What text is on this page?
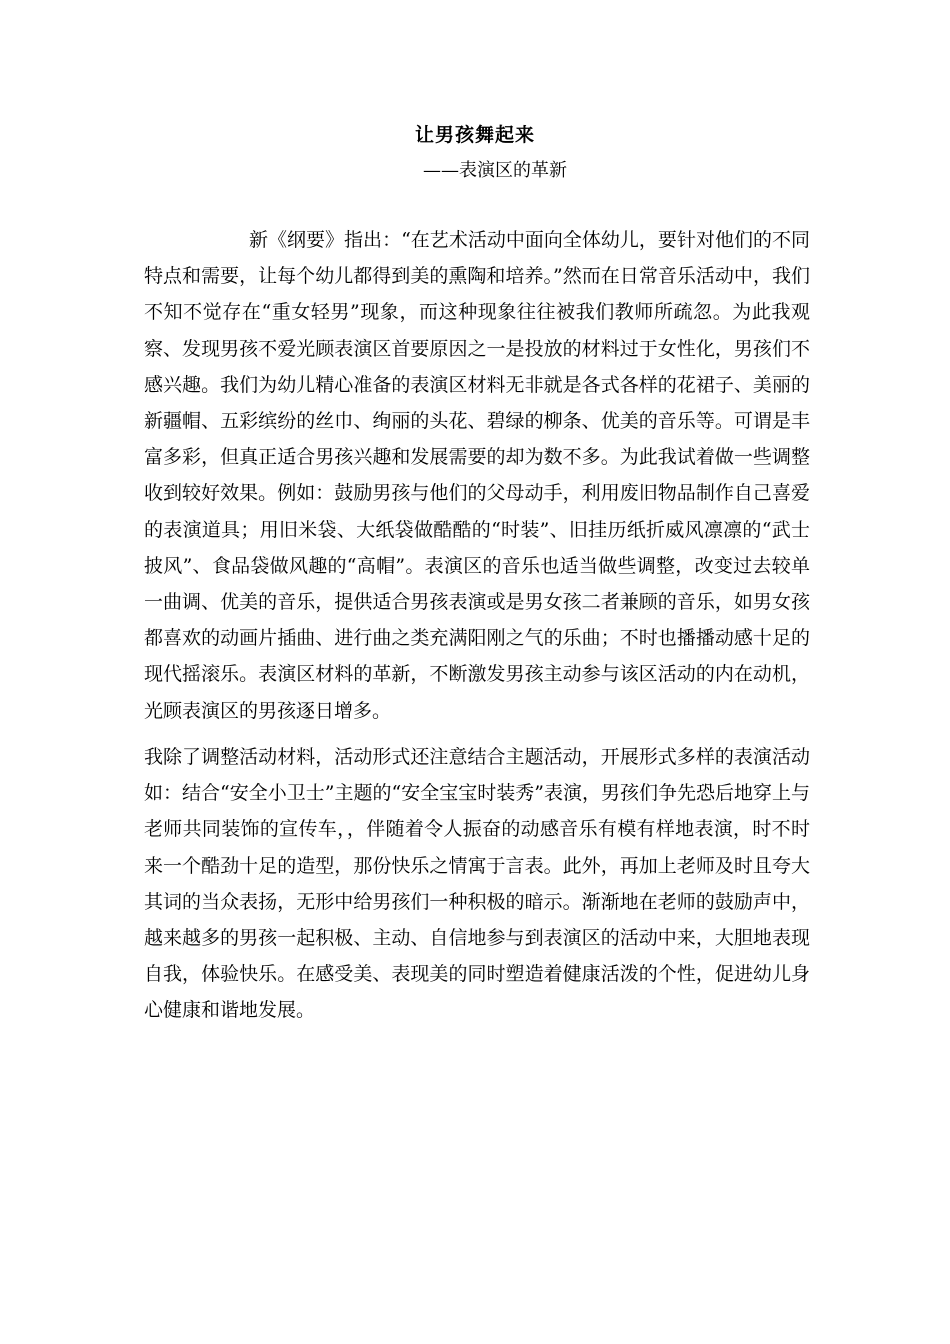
让男孩舞起来
——表演区的革新

新《纲要》指出：“在艺术活动中面向全体幼儿，要针对他们的不同特点和需要，让每个幼儿都得到美的熏陶和培养。”然而在日常音乐活动中，我们不知不觉存在“重女轻男”现象，而这种现象往往被我们教师所疏忽。为此我观察、发现男孩不爱光顾表演区首要原因之一是投放的材料过于女性化，男孩们不感兴趣。我们为幼儿精心准备的表演区材料无非就是各式各样的花裙子、美丽的新疆帽、五彩缤纷的丝巾、绚丽的头花、碧绿的柳条、优美的音乐等。可谓是丰富多彩，但真正适合男孩兴趣和发展需要的却为数不多。为此我试着做一些调整收到较好效果。例如：鼓励男孩与他们的父母动手，利用废旧物品制作自己喜爱的表演道具；用旧米袋、大纸袋做酷酷的“时装”、旧挂历纸折威风凛凛的“武士披风”、食品袋做风趣的“高帽”。表演区的音乐也适当做些调整，改变过去较单一曲调、优美的音乐，提供适合男孩表演或是男女孩二者兼顾的音乐，如男女孩都喜欢的动画片插曲、进行曲之类充满阳刚之气的乐曲；不时也播播动感十足的现代摇滚乐。表演区材料的革新，不断激发男孩主动参与该区活动的内在动机，光顾表演区的男孩逐日增多。

我除了调整活动材料，活动形式还注意结合主题活动，开展形式多样的表演活动如：结合“安全小卫士”主题的“安全宝宝时装秀”表演，男孩们争先恐后地穿上与老师共同装饰的宣传车，，伴随着令人振奋的动感音乐有模有样地表演，时不时来一个酷劲十足的造型，那份快乐之情寓于言表。此外，再加上老师及时且夸大其词的当众表扬，无形中给男孩们一种积极的暗示。渐渐地在老师的鼓励声中，越来越多的男孩一起积极、主动、自信地参与到表演区的活动中来，大胆地表现自我，体验快乐。在感受美、表现美的同时塑造着健康活泼的个性，促进幼儿身心健康和谐地发展。
